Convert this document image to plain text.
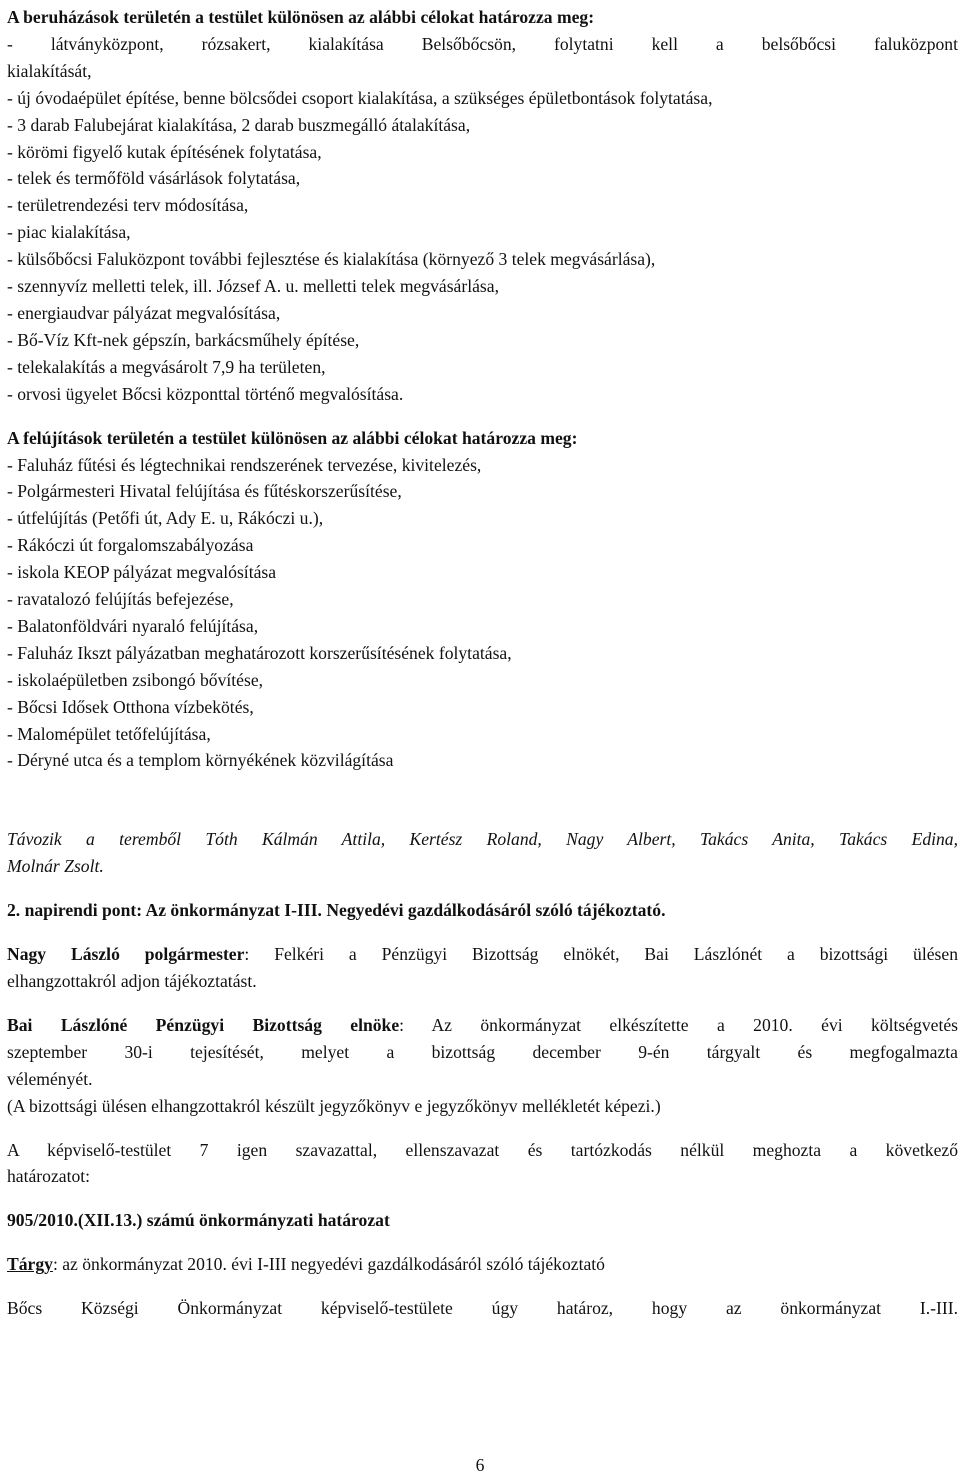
A beruházások területén a testület különösen az alábbi célokat határozza meg:

- látványközpont, rózsakert, kialakítása Belsőbőcsön, folytatni kell a belsőbőcsi faluközpont

kialakítását,

- új óvodaépület építése, benne bölcsődei csoport kialakítása, a szükséges épületbontások folytatása,

- 3 darab Falubejárat kialakítása, 2 darab buszmegálló átalakítása,

- körömi figyelő kutak építésének folytatása,

- telek és termőföld vásárlások folytatása,

- területrendezési terv módosítása,

- piac kialakítása,

- külsőbőcsi Faluközpont további fejlesztése és kialakítása (környező 3 telek megvásárlása),

- szennyvíz melletti telek, ill. József A. u. melletti telek megvásárlása,

- energiaudvar pályázat megvalósítása,

- Bő-Víz Kft-nek gépszín, barkácsműhely építése,

- telekalakítás a megvásárolt 7,9 ha területen,

- orvosi ügyelet Bőcsi központtal történő megvalósítása.

A felújítások területén a testület különösen az alábbi célokat határozza meg:

- Faluház fűtési és légtechnikai rendszerének tervezése, kivitelezés,

- Polgármesteri Hivatal felújítása és fűtéskorszerűsítése,

- útfelújítás (Petőfi út, Ady E. u, Rákóczi u.),

- Rákóczi út forgalomszabályozása

- iskola KEOP pályázat megvalósítása

- ravatalozó felújítás befejezése,

- Balatonföldvári nyaraló felújítása,

- Faluház Ikszt pályázatban meghatározott korszerűsítésének folytatása,

- iskolaépületben zsibongó bővítése,

- Bőcsi Idősek Otthona vízbekötés,

- Malomépület tetőfelújítása,

- Déryné utca és a templom környékének közvilágítása

Távozik a teremből Tóth Kálmán Attila, Kertész Roland, Nagy Albert, Takács Anita, Takács Edina,

Molnár Zsolt.

2. napirendi pont: Az önkormányzat I-III. Negyedévi gazdálkodásáról szóló tájékoztató.

Nagy László polgármester: Felkéri a Pénzügyi Bizottság elnökét, Bai Lászlónét a bizottsági ülésen

elhangzottakról adjon tájékoztatást.

Bai Lászlóné Pénzügyi Bizottság elnöke: Az önkormányzat elkészítette a 2010. évi költségvetés

szeptember 30-i tejesítését, melyet a bizottság december 9-én tárgyalt és megfogalmazta

véleményét.

(A bizottsági ülésen elhangzottakról készült jegyzőkönyv e jegyzőkönyv mellékletét képezi.)

A képviselő-testület 7 igen szavazattal, ellenszavazat és tartózkodás nélkül meghozta a következő

határozatot:

905/2010.(XII.13.) számú önkormányzati határozat

Tárgy: az önkormányzat 2010. évi I-III negyedévi gazdálkodásáról szóló tájékoztató

Bőcs Községi Önkormányzat képviselő-testülete úgy határoz, hogy az önkormányzat I.-III.

6
